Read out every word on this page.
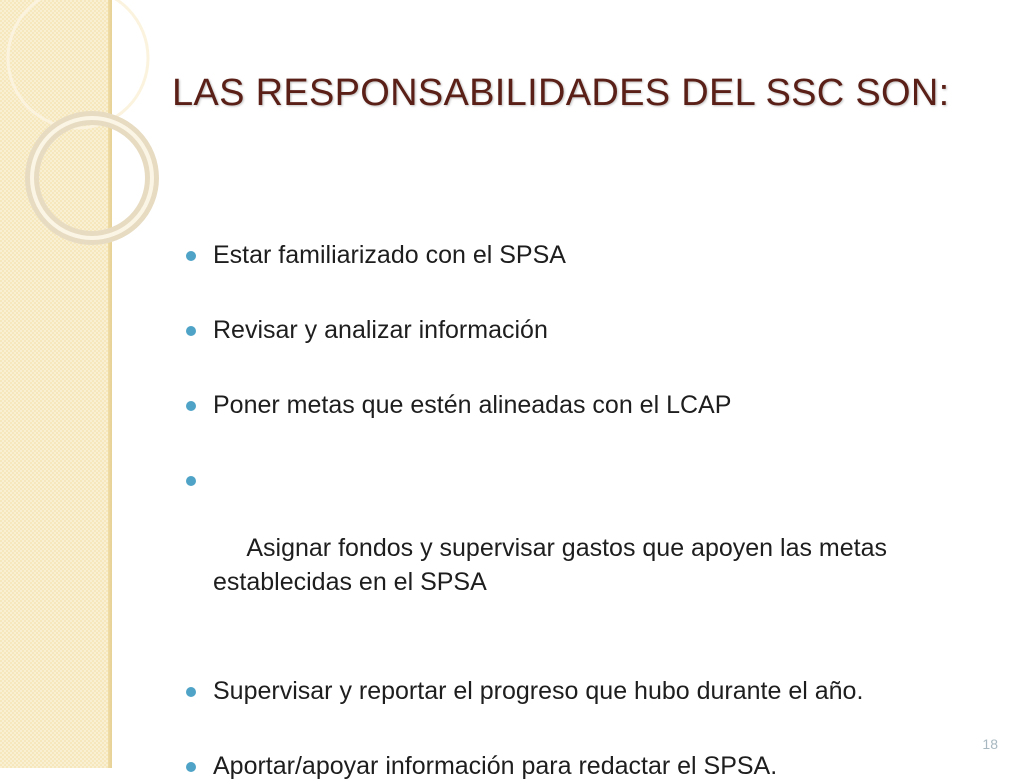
LAS RESPONSABILIDADES DEL SSC SON:
Estar familiarizado con el SPSA
Revisar y analizar información
Poner metas que estén alineadas con el LCAP

Asignar fondos y supervisar gastos que apoyen las metas establecidas en el SPSA

Supervisar y reportar el progreso que hubo durante el año.
Aportar/apoyar información para redactar el SPSA.
18
